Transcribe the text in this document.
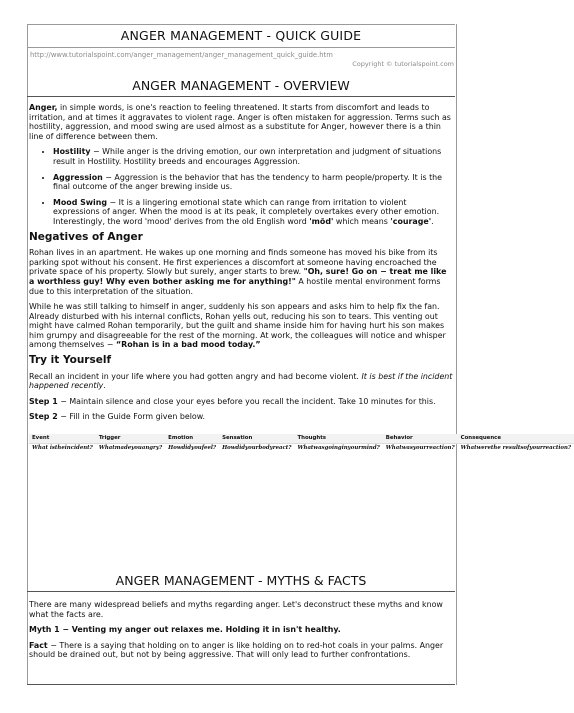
ANGER MANAGEMENT - QUICK GUIDE
http://www.tutorialspoint.com/anger_management/anger_management_quick_guide.htm
Copyright © tutorialspoint.com
ANGER MANAGEMENT - OVERVIEW

Anger, in simple words, is one's reaction to feeling threatened. It starts from discomfort and leads to irritation, and at times it aggravates to violent rage. Anger is often mistaken for aggression. Terms such as hostility, aggression, and mood swing are used almost as a substitute for Anger, however there is a thin line of difference between them.

• Hostility − While anger is the driving emotion, our own interpretation and judgment of situations result in Hostility. Hostility breeds and encourages Aggression.
• Aggression − Aggression is the behavior that has the tendency to harm people/property. It is the final outcome of the anger brewing inside us.
• Mood Swing − It is a lingering emotional state which can range from irritation to violent expressions of anger. When the mood is at its peak, it completely overtakes every other emotion. Interestingly, the word 'mood' derives from the old English word 'mȏd' which means 'courage'.
Negatives of Anger

Rohan lives in an apartment. He wakes up one morning and finds someone has moved his bike from its parking spot without his consent. He first experiences a discomfort at someone having encroached the private space of his property. Slowly but surely, anger starts to brew. "Oh, sure! Go on − treat me like a worthless guy! Why even bother asking me for anything!" A hostile mental environment forms due to this interpretation of the situation.

While he was still talking to himself in anger, suddenly his son appears and asks him to help fix the fan. Already disturbed with his internal conflicts, Rohan yells out, reducing his son to tears. This venting out might have calmed Rohan temporarily, but the guilt and shame inside him for having hurt his son makes him grumpy and disagreeable for the rest of the morning. At work, the colleagues will notice and whisper among themselves − “Rohan is in a bad mood today.”

Try it Yourself

Recall an incident in your life where you had gotten angry and had become violent. It is best if the incident happened recently.

Step 1 − Maintain silence and close your eyes before you recall the incident. Take 10 minutes for this.

Step 2 − Fill in the Guide Form given below.

Event	Trigger	Emotion	Sensation	Thoughts	Behavior	Consequence
What istheincident?	Whatmadeyouangry?	Howdidyoufeel?	Howdidyourbodyreact?	Whatwasgoinginyourmind?	Whatwasyourreaction?	Whatwerethe resultsofyourreaction?
ANGER MANAGEMENT - MYTHS & FACTS

There are many widespread beliefs and myths regarding anger. Let's deconstruct these myths and know what the facts are.

Myth 1 − Venting my anger out relaxes me. Holding it in isn't healthy.

Fact − There is a saying that holding on to anger is like holding on to red-hot coals in your palms. Anger should be drained out, but not by being aggressive. That will only lead to further confrontations.
